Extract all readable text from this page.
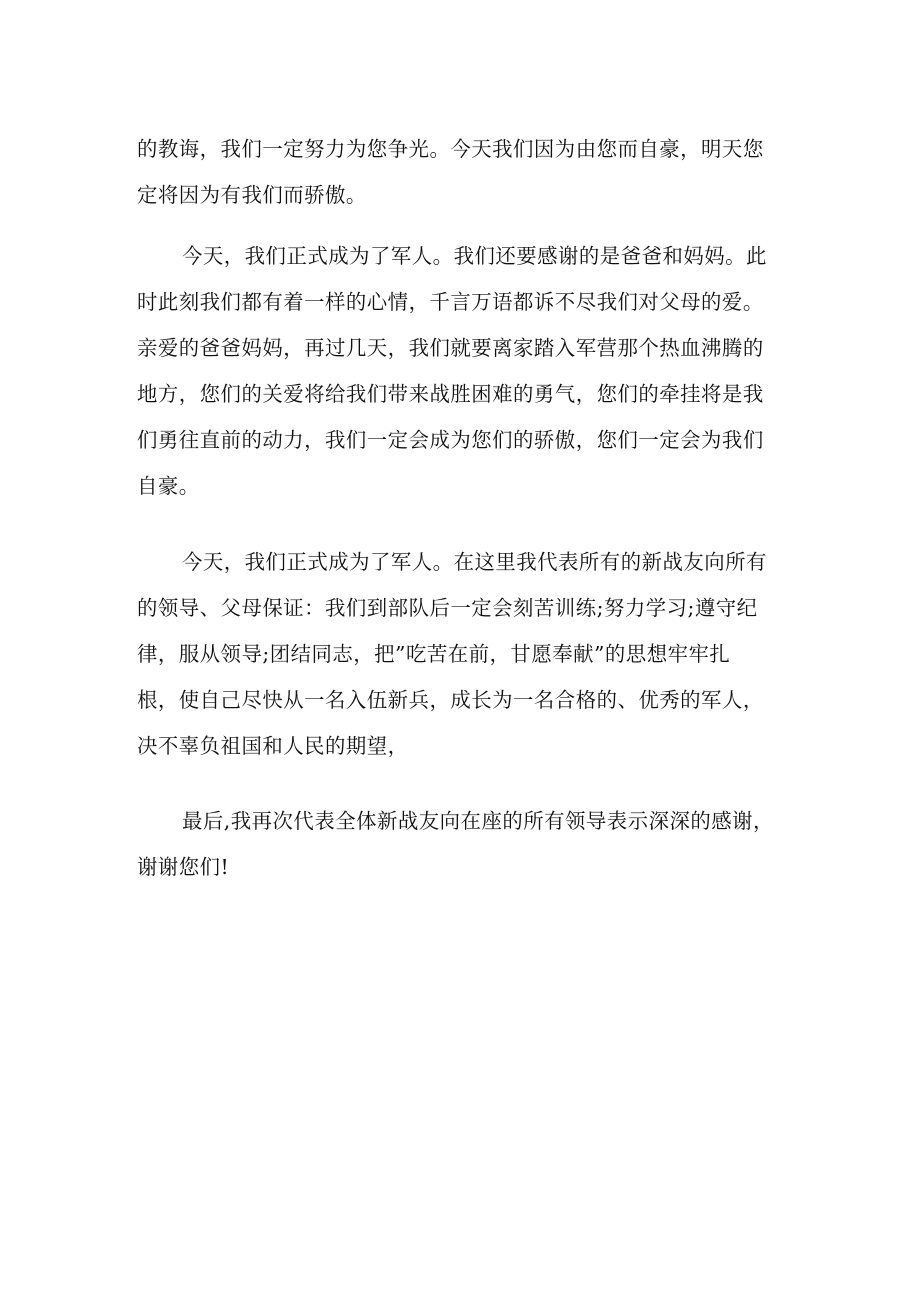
的教诲，我们一定努力为您争光。今天我们因为由您而自豪，明天您
定将因为有我们而骄傲。
今天，我们正式成为了军人。我们还要感谢的是爸爸和妈妈。此
时此刻我们都有着一样的心情，千言万语都诉不尽我们对父母的爱。
亲爱的爸爸妈妈，再过几天，我们就要离家踏入军营那个热血沸腾的
地方，您们的关爱将给我们带来战胜困难的勇气，您们的牵挂将是我
们勇往直前的动力，我们一定会成为您们的骄傲，您们一定会为我们
自豪。
今天，我们正式成为了军人。在这里我代表所有的新战友向所有
的领导、父母保证：我们到部队后一定会刻苦训练;努力学习;遵守纪
律，服从领导;团结同志，把”吃苦在前，甘愿奉献”的思想牢牢扎
根，使自己尽快从一名入伍新兵，成长为一名合格的、优秀的军人，
决不辜负祖国和人民的期望，
最后,我再次代表全体新战友向在座的所有领导表示深深的感谢，
谢谢您们!
